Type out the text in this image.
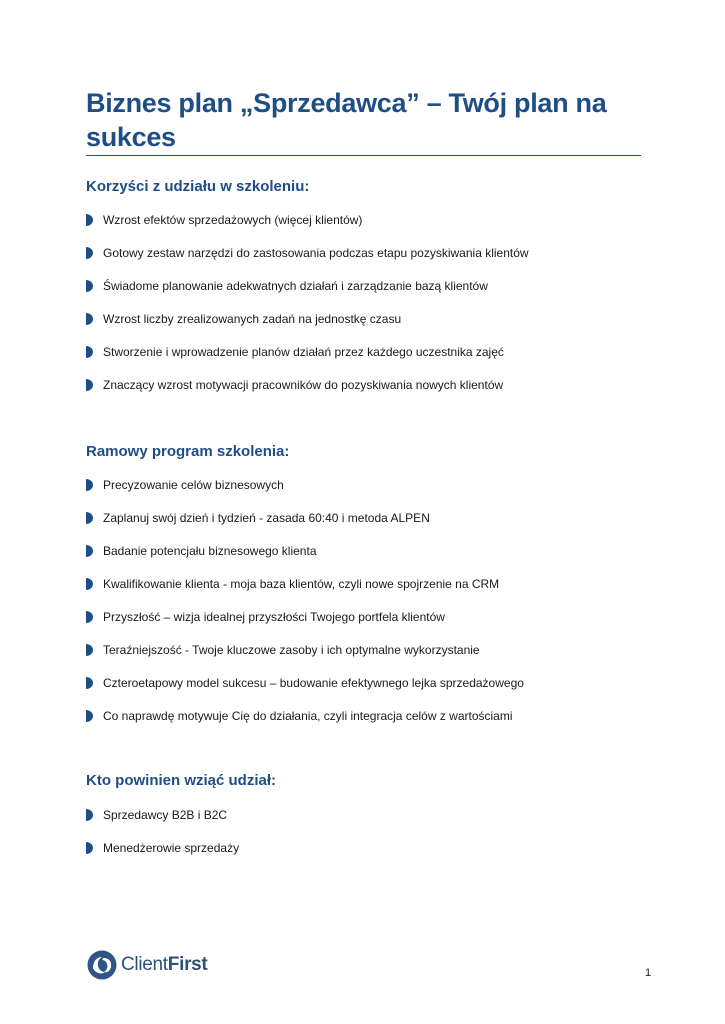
Biznes plan „Sprzedawca” – Twój plan na sukces
Korzyści z udziału w szkoleniu:
Wzrost efektów sprzedażowych (więcej klientów)
Gotowy zestaw narzędzi do zastosowania podczas etapu pozyskiwania klientów
Świadome planowanie adekwatnych działań i zarządzanie bazą klientów
Wzrost liczby zrealizowanych zadań na jednostkę czasu
Stworzenie i wprowadzenie planów działań przez każdego uczestnika zajęć
Znaczący wzrost motywacji pracowników do pozyskiwania nowych klientów
Ramowy program szkolenia:
Precyzowanie celów biznesowych
Zaplanuj swój dzień i tydzień - zasada 60:40 i metoda ALPEN
Badanie potencjału biznesowego klienta
Kwalifikowanie klienta - moja baza klientów, czyli nowe spojrzenie na CRM
Przyszłość – wizja idealnej przyszłości Twojego portfela klientów
Teraźniejszość - Twoje kluczowe zasoby i ich optymalne wykorzystanie
Czteroetapowy model sukcesu – budowanie efektywnego lejka sprzedażowego
Co naprawdę motywuje Cię do działania, czyli integracja celów z wartościami
Kto powinien wziąć udział:
Sprzedawcy B2B i B2C
Menedżerowie sprzedaży
ClientFirst	1
